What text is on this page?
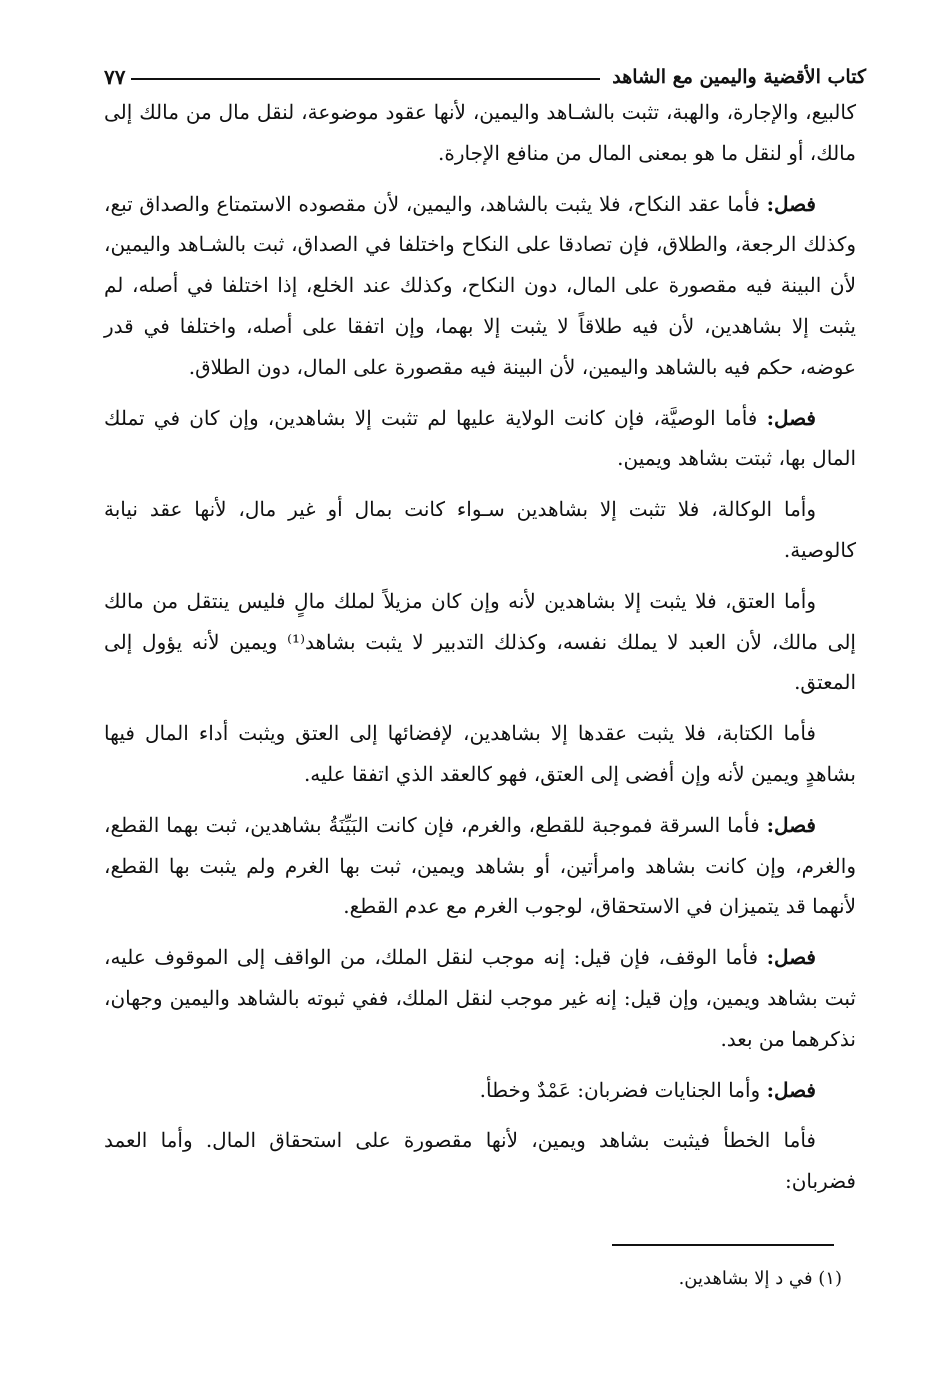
كتاب الأقضية واليمين مع الشاهد
٧٧

كالبيع، والإجارة، والهبة، تثبت بالشـاهد واليمين، لأنها عقود موضوعة، لنقل مال من مالك إلى مالك، أو لنقل ما هو بمعنى المال من منافع الإجارة.

فصل: فأما عقد النكاح، فلا يثبت بالشاهد، واليمين، لأن مقصوده الاستمتاع والصداق تبع، وكذلك الرجعة، والطلاق، فإن تصادقا على النكاح واختلفا في الصداق، ثبت بالشـاهد واليمين، لأن البينة فيه مقصورة على المال، دون النكاح، وكذلك عند الخلع، إذا اختلفا في أصله، لم يثبت إلا بشاهدين، لأن فيه طلاقاً لا يثبت إلا بهما، وإن اتفقا على أصله، واختلفا في قدر عوضه، حكم فيه بالشاهد واليمين، لأن البينة فيه مقصورة على المال، دون الطلاق.

فصل: فأما الوصيَّة، فإن كانت الولاية عليها لم تثبت إلا بشاهدين، وإن كان في تملك المال بها، ثبتت بشاهد ويمين.

وأما الوكالة، فلا تثبت إلا بشاهدين سـواء كانت بمال أو غير مال، لأنها عقد نيابة كالوصية.

وأما العتق، فلا يثبت إلا بشاهدين لأنه وإن كان مزيلاً لملك مالٍ فليس ينتقل من مالك إلى مالك، لأن العبد لا يملك نفسه، وكذلك التدبير لا يثبت بشاهد⁽¹⁾ ويمين لأنه يؤول إلى المعتق.

فأما الكتابة، فلا يثبت عقدها إلا بشاهدين، لإفضائها إلى العتق ويثبت أداء المال فيها بشاهدٍ ويمين لأنه وإن أفضى إلى العتق، فهو كالعقد الذي اتفقا عليه.

فصل: فأما السرقة فموجبة للقطع، والغرم، فإن كانت البَيِّنَةُ بشاهدين، ثبت بهما القطع، والغرم، وإن كانت بشاهد وامرأتين، أو بشاهد ويمين، ثبت بها الغرم ولم يثبت بها القطع، لأنهما قد يتميزان في الاستحقاق، لوجوب الغرم مع عدم القطع.

فصل: فأما الوقف، فإن قيل: إنه موجب لنقل الملك، من الواقف إلى الموقوف عليه، ثبت بشاهد ويمين، وإن قيل: إنه غير موجب لنقل الملك، ففي ثبوته بالشاهد واليمين وجهان، نذكرهما من بعد.

فصل: وأما الجنايات فضربان: عَمْدٌ وخطأ.

فأما الخطأ فيثبت بشاهد ويمين، لأنها مقصورة على استحقاق المال. وأما العمد فضربان:

(١) في د إلا بشاهدين.
